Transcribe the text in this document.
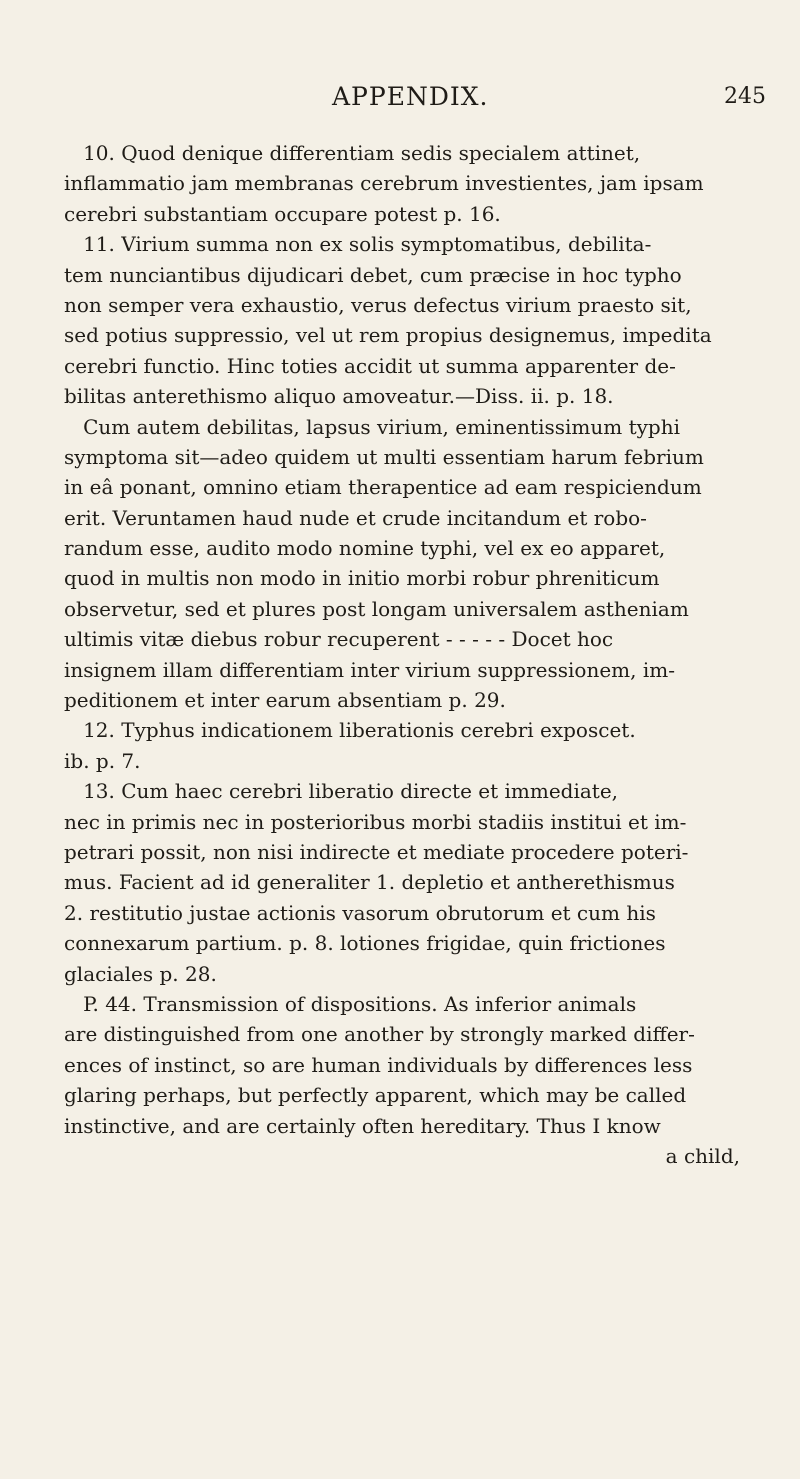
APPENDIX.	245
10. Quod denique differentiam sedis specialem attinet,
inflammatio jam membranas cerebrum investientes, jam ipsam
cerebri substantiam occupare potest p. 16.
11. Virium summa non ex solis symptomatibus, debilita-
tem nunciantibus dijudicari debet, cum præcise in hoc typho
non semper vera exhaustio, verus defectus virium praesto sit,
sed potius suppressio, vel ut rem propius designemus, impedita
cerebri functio. Hinc toties accidit ut summa apparenter de-
bilitas anterethismo aliquo amoveatur.—Diss. ii. p. 18.
Cum autem debilitas, lapsus virium, eminentissimum typhi
symptoma sit—adeo quidem ut multi essentiam harum febrium
in eâ ponant, omnino etiam therapentice ad eam respiciendum
erit. Veruntamen haud nude et crude incitandum et robo-
randum esse, audito modo nomine typhi, vel ex eo apparet,
quod in multis non modo in initio morbi robur phreniticum
observetur, sed et plures post longam universalem astheniam
ultimis vitæ diebus robur recuperent - - - - - Docet hoc
insignem illam differentiam inter virium suppressionem, im-
peditionem et inter earum absentiam p. 29.
12. Typhus indicationem liberationis cerebri exposcet.
ib. p. 7.
13. Cum haec cerebri liberatio directe et immediate,
nec in primis nec in posterioribus morbi stadiis institui et im-
petrari possit, non nisi indirecte et mediate procedere poteri-
mus. Facient ad id generaliter 1. depletio et antherethismus
2. restitutio justae actionis vasorum obrutorum et cum his
connexarum partium. p. 8. lotiones frigidae, quin frictiones
glaciales p. 28.
P. 44. Transmission of dispositions. As inferior animals
are distinguished from one another by strongly marked differ-
ences of instinct, so are human individuals by differences less
glaring perhaps, but perfectly apparent, which may be called
instinctive, and are certainly often hereditary. Thus I know
a child,
